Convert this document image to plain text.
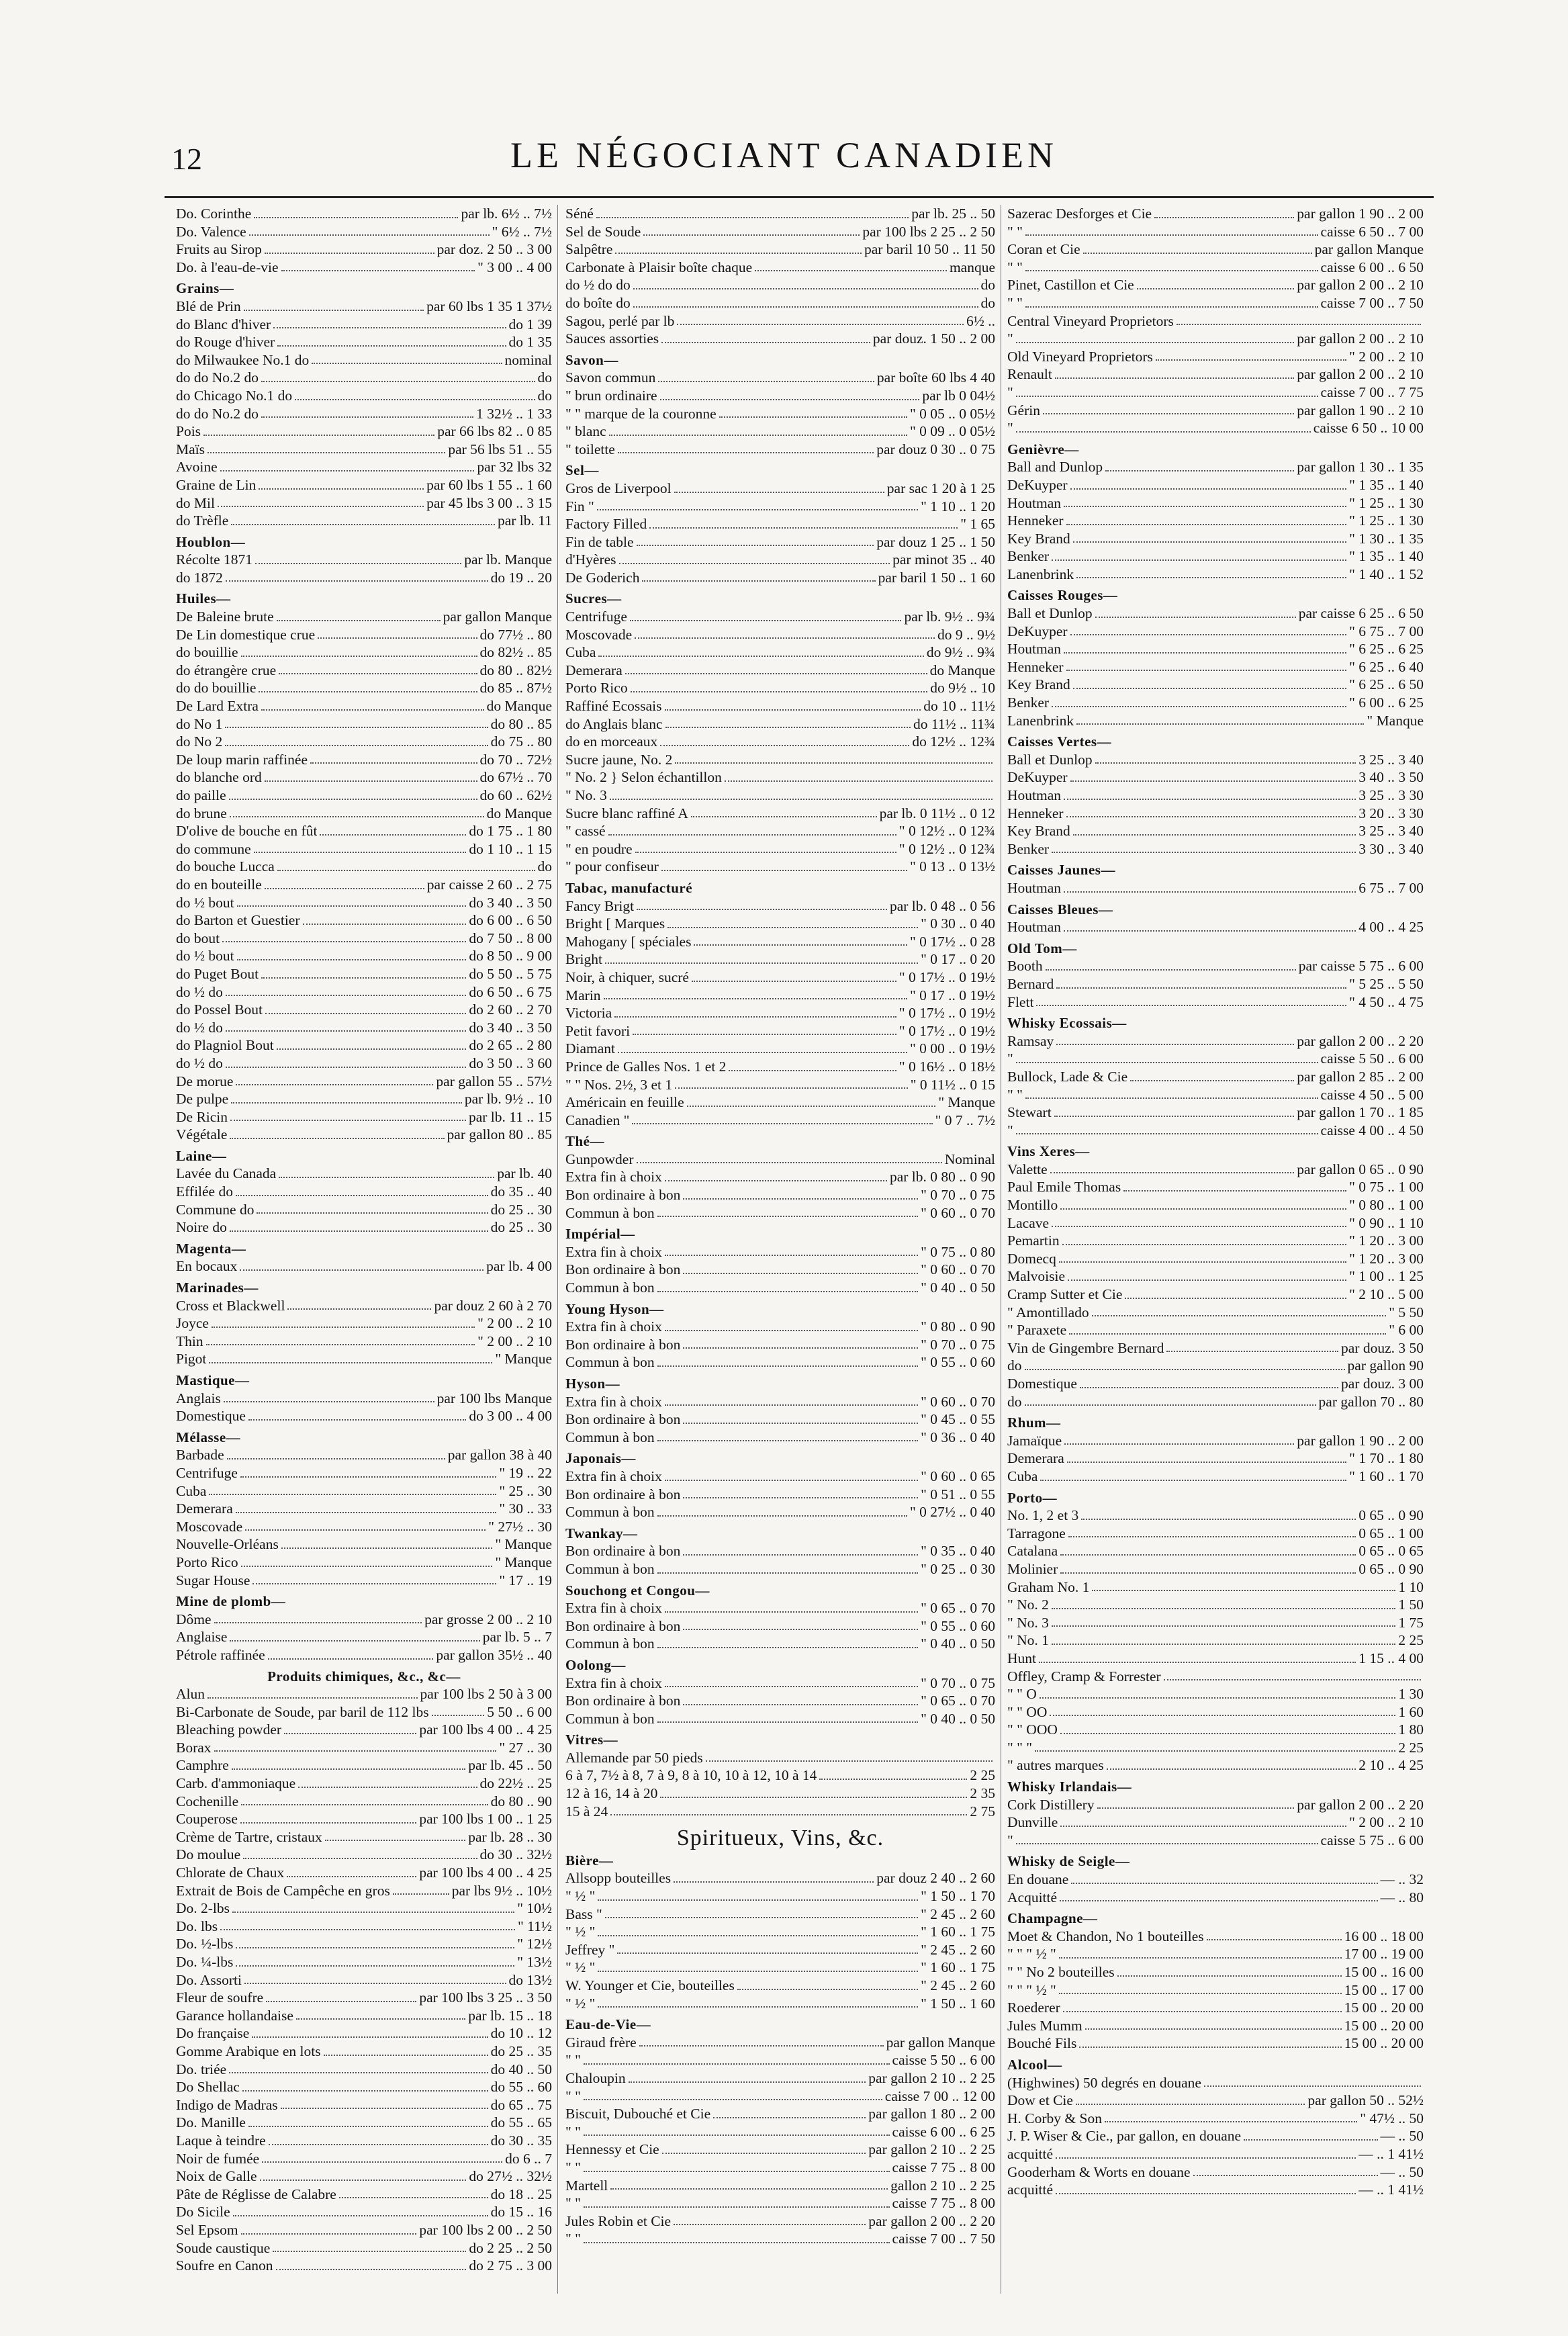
12	LE NÉGOCIANT CANADIEN
Do. Corinthe	par lb. 6½ .. 7½
Do. Valence	" 6½ .. 7½
Fruits au Sirop	par doz. 2 50 .. 3 00
Do. à l'eau-de-vie	" 3 00 .. 4 00
Grains—
Blé de Prin	par 60 lbs 1 35 1 37½
do Blanc d'hiver	do 1 39
do Rouge d'hiver	do 1 35
do Milwaukee No.1 do	nominal
do do No.2 do	do
do Chicago No.1 do	do
do do No.2 do	1 32½ .. 1 33
Pois	par 66 lbs 82 .. 0 85
Maïs	par 56 lbs 51 .. 55
Avoine	par 32 lbs 32
Graine de Lin	par 60 lbs 1 55 .. 1 60
do Mil	par 45 lbs 3 00 .. 3 15
do Trèfle	par lb. 11
Houblon—
Récolte 1871	par lb. Manque
do 1872	do 19 .. 20
Huiles—
De Baleine brute	par gallon Manque
De Lin domestique crue	do 77½ .. 80
do bouillie	do 82½ .. 85
do étrangère crue	do 80 .. 82½
do do bouillie	do 85 .. 87½
De Lard Extra	do Manque
do No 1	do 80 .. 85
do No 2	do 75 .. 80
De loup marin raffinée	do 70 .. 72½
do blanche ord	do 67½ .. 70
do paille	do 60 .. 62½
do brune	do Manque
D'olive de bouche en fût	do 1 75 .. 1 80
do commune	do 1 10 .. 1 15
do bouche Lucca	do
do en bouteille	par caisse 2 60 .. 2 75
do ½ bout	do 3 40 .. 3 50
do Barton et Guestier	do 6 00 .. 6 50
do bout	do 7 50 .. 8 00
do ½ bout	do 8 50 .. 9 00
do Puget Bout	do 5 50 .. 5 75
do ½ do	do 6 50 .. 6 75
do Possel Bout	do 2 60 .. 2 70
do ½ do	do 3 40 .. 3 50
do Plagniol Bout	do 2 65 .. 2 80
do ½ do	do 3 50 .. 3 60
De morue	par gallon 55 .. 57½
De pulpe	par lb. 9½ .. 10
De Ricin	par lb. 11 .. 15
Végétale	par gallon 80 .. 85
Laine—
Lavée du Canada	par lb. 40
Effilée do	do 35 .. 40
Commune do	do 25 .. 30
Noire do	do 25 .. 30
Magenta—
En bocaux	par lb. 4 00
Marinades—
Cross et Blackwell	par douz 2 60 à 2 70
Joyce	" 2 00 .. 2 10
Thin	" 2 00 .. 2 10
Pigot	" Manque
Mastique—
Anglais	par 100 lbs Manque
Domestique	do 3 00 .. 4 00
Mélasse—
Barbade	par gallon 38 à 40
Centrifuge	" 19 .. 22
Cuba	" 25 .. 30
Demerara	" 30 .. 33
Moscovade	" 27½ .. 30
Nouvelle-Orléans	" Manque
Porto Rico	" Manque
Sugar House	" 17 .. 19
Mine de plomb—
Dôme	par grosse 2 00 .. 2 10
Anglaise	par lb. 5 .. 7
Pétrole raffinée	par gallon 35½ .. 40
Produits chimiques, &c., &c—
Alun	par 100 lbs 2 50 à 3 00
Bi-Carbonate de Soude, par baril de 112 lbs	5 50 .. 6 00
Bleaching powder	par 100 lbs 4 00 .. 4 25
Borax	" 27 .. 30
Camphre	par lb. 45 .. 50
Carb. d'ammoniaque	do 22½ .. 25
Cochenille	do 80 .. 90
Couperose	par 100 lbs 1 00 .. 1 25
Crème de Tartre, cristaux	par lb. 28 .. 30
Do moulue	do 30 .. 32½
Chlorate de Chaux	par 100 lbs 4 00 .. 4 25
Extrait de Bois de Campêche en gros	par lbs 9½ .. 10½
Do. 2-lbs	" 10½
Do. lbs	" 11½
Do. ½-lbs	" 12½
Do. ¼-lbs	" 13½
Do. Assorti	do 13½
Fleur de soufre	par 100 lbs 3 25 .. 3 50
Garance hollandaise	par lb. 15 .. 18
Do française	do 10 .. 12
Gomme Arabique en lots	do 25 .. 35
Do. triée	do 40 .. 50
Do Shellac	do 55 .. 60
Indigo de Madras	do 65 .. 75
Do. Manille	do 55 .. 65
Laque à teindre	do 30 .. 35
Noir de fumée	do 6 .. 7
Noix de Galle	do 27½ .. 32½
Pâte de Réglisse de Calabre	do 18 .. 25
Do Sicile	do 15 .. 16
Sel Epsom	par 100 lbs 2 00 .. 2 50
Soude caustique	do 2 25 .. 2 50
Soufre en Canon	do 2 75 .. 3 00
Séné	par lb. 25 .. 50
Sel de Soude	par 100 lbs 2 25 .. 2 50
Salpêtre	par baril 10 50 .. 11 50
Carbonate à Plaisir boîte chaque	manque
do ½ do do	do
do boîte do	do
Sagou, perlé par lb	6½ ..
Sauces assorties	par douz. 1 50 .. 2 00
Savon—
Savon commun	par boîte 60 lbs 4 40
" brun ordinaire	par lb 0 04½
" " marque de la couronne	" 0 05 .. 0 05½
" blanc	" 0 09 .. 0 05½
" toilette	par douz 0 30 .. 0 75
Sel—
Gros de Liverpool	par sac 1 20 à 1 25
Fin "	" 1 10 .. 1 20
Factory Filled	" 1 65
Fin de table	par douz 1 25 .. 1 50
d'Hyères	par minot 35 .. 40
De Goderich	par baril 1 50 .. 1 60
Sucres—
Centrifuge	par lb. 9½ .. 9¾
Moscovade	do 9 .. 9½
Cuba	do 9½ .. 9¾
Demerara	do Manque
Porto Rico	do 9½ .. 10
Raffiné Ecossais	do 10 .. 11½
do Anglais blanc	do 11½ .. 11¾
do en morceaux	do 12½ .. 12¾
Sucre jaune, No. 2
" No. 2 } Selon échantillon
" No. 3
Sucre blanc raffiné A	par lb. 0 11½ .. 0 12
" cassé	" 0 12½ .. 0 12¾
" en poudre	" 0 12½ .. 0 12¾
" pour confiseur	" 0 13 .. 0 13½
Tabac, manufacturé
Fancy Brigt	par lb. 0 48 .. 0 56
Bright [ Marques	" 0 30 .. 0 40
Mahogany [ spéciales	" 0 17½ .. 0 28
Bright	" 0 17 .. 0 20
Noir, à chiquer, sucré	" 0 17½ .. 0 19½
Marin	" 0 17 .. 0 19½
Victoria	" 0 17½ .. 0 19½
Petit favori	" 0 17½ .. 0 19½
Diamant	" 0 00 .. 0 19½
Prince de Galles Nos. 1 et 2	" 0 16½ .. 0 18½
" " Nos. 2½, 3 et 1	" 0 11½ .. 0 15
Américain en feuille	" Manque
Canadien "	" 0 7 .. 7½
Thé—
Gunpowder	Nominal
Extra fin à choix	par lb. 0 80 .. 0 90
Bon ordinaire à bon	" 0 70 .. 0 75
Commun à bon	" 0 60 .. 0 70
Impérial—
Extra fin à choix	" 0 75 .. 0 80
Bon ordinaire à bon	" 0 60 .. 0 70
Commun à bon	" 0 40 .. 0 50
Young Hyson—
Extra fin à choix	" 0 80 .. 0 90
Bon ordinaire à bon	" 0 70 .. 0 75
Commun à bon	" 0 55 .. 0 60
Hyson—
Extra fin à choix	" 0 60 .. 0 70
Bon ordinaire à bon	" 0 45 .. 0 55
Commun à bon	" 0 36 .. 0 40
Japonais—
Extra fin à choix	" 0 60 .. 0 65
Bon ordinaire à bon	" 0 51 .. 0 55
Commun à bon	" 0 27½ .. 0 40
Twankay—
Bon ordinaire à bon	" 0 35 .. 0 40
Commun à bon	" 0 25 .. 0 30
Souchong et Congou—
Extra fin à choix	" 0 65 .. 0 70
Bon ordinaire à bon	" 0 55 .. 0 60
Commun à bon	" 0 40 .. 0 50
Oolong—
Extra fin à choix	" 0 70 .. 0 75
Bon ordinaire à bon	" 0 65 .. 0 70
Commun à bon	" 0 40 .. 0 50
Vitres—
Allemande par 50 pieds
6 à 7, 7½ à 8, 7 à 9, 8 à 10, 10 à 12, 10 à 14	2 25
12 à 16, 14 à 20	2 35
15 à 24	2 75
Spiritueux, Vins, &c.
Bière—
Allsopp bouteilles	par douz 2 40 .. 2 60
" ½ "	" 1 50 .. 1 70
Bass "	" 2 45 .. 2 60
" ½ "	" 1 60 .. 1 75
Jeffrey "	" 2 45 .. 2 60
" ½ "	" 1 60 .. 1 75
W. Younger et Cie, bouteilles	" 2 45 .. 2 60
" ½ "	" 1 50 .. 1 60
Eau-de-Vie—
Giraud frère	par gallon Manque
" "	caisse 5 50 .. 6 00
Chaloupin	par gallon 2 10 .. 2 25
" "	caisse 7 00 .. 12 00
Biscuit, Dubouché et Cie	par gallon 1 80 .. 2 00
" "	caisse 6 00 .. 6 25
Hennessy et Cie	par gallon 2 10 .. 2 25
" "	caisse 7 75 .. 8 00
Martell	gallon 2 10 .. 2 25
" "	caisse 7 75 .. 8 00
Jules Robin et Cie	par gallon 2 00 .. 2 20
" "	caisse 7 00 .. 7 50
Sazerac Desforges et Cie	par gallon 1 90 .. 2 00
" "	caisse 6 50 .. 7 00
Coran et Cie	par gallon Manque
" "	caisse 6 00 .. 6 50
Pinet, Castillon et Cie	par gallon 2 00 .. 2 10
" "	caisse 7 00 .. 7 50
Central Vineyard Proprietors
"	par gallon 2 00 .. 2 10
Old Vineyard Proprietors	" 2 00 .. 2 10
Renault	par gallon 2 00 .. 2 10
"	caisse 7 00 .. 7 75
Gérin	par gallon 1 90 .. 2 10
"	caisse 6 50 .. 10 00
Genièvre—
Ball and Dunlop	par gallon 1 30 .. 1 35
DeKuyper	" 1 35 .. 1 40
Houtman	" 1 25 .. 1 30
Henneker	" 1 25 .. 1 30
Key Brand	" 1 30 .. 1 35
Benker	" 1 35 .. 1 40
Lanenbrink	" 1 40 .. 1 52
Caisses Rouges—
Ball et Dunlop	par caisse 6 25 .. 6 50
DeKuyper	" 6 75 .. 7 00
Houtman	" 6 25 .. 6 25
Henneker	" 6 25 .. 6 40
Key Brand	" 6 25 .. 6 50
Benker	" 6 00 .. 6 25
Lanenbrink	" Manque
Caisses Vertes—
Ball et Dunlop	3 25 .. 3 40
DeKuyper	3 40 .. 3 50
Houtman	3 25 .. 3 30
Henneker	3 20 .. 3 30
Key Brand	3 25 .. 3 40
Benker	3 30 .. 3 40
Caisses Jaunes—
Houtman	6 75 .. 7 00
Caisses Bleues—
Houtman	4 00 .. 4 25
Old Tom—
Booth	par caisse 5 75 .. 6 00
Bernard	" 5 25 .. 5 50
Flett	" 4 50 .. 4 75
Whisky Ecossais—
Ramsay	par gallon 2 00 .. 2 20
"	caisse 5 50 .. 6 00
Bullock, Lade & Cie	par gallon 2 85 .. 2 00
" "	caisse 4 50 .. 5 00
Stewart	par gallon 1 70 .. 1 85
"	caisse 4 00 .. 4 50
Vins Xeres—
Valette	par gallon 0 65 .. 0 90
Paul Emile Thomas	" 0 75 .. 1 00
Montillo	" 0 80 .. 1 00
Lacave	" 0 90 .. 1 10
Pemartin	" 1 20 .. 3 00
Domecq	" 1 20 .. 3 00
Malvoisie	" 1 00 .. 1 25
Cramp Sutter et Cie	" 2 10 .. 5 00
" Amontillado	" 5 50
" Paraxete	" 6 00
Vin de Gingembre Bernard	par douz. 3 50
do	par gallon 90
Domestique	par douz. 3 00
do	par gallon 70 .. 80
Rhum—
Jamaïque	par gallon 1 90 .. 2 00
Demerara	" 1 70 .. 1 80
Cuba	" 1 60 .. 1 70
Porto—
No. 1, 2 et 3	0 65 .. 0 90
Tarragone	0 65 .. 1 00
Catalana	0 65 .. 0 65
Molinier	0 65 .. 0 90
Graham No. 1	1 10
" No. 2	1 50
" No. 3	1 75
" No. 1	2 25
Hunt	1 15 .. 4 00
Offley, Cramp & Forrester
" " O	1 30
" " OO	1 60
" " OOO	1 80
" " "	2 25
" autres marques	2 10 .. 4 25
Whisky Irlandais—
Cork Distillery	par gallon 2 00 .. 2 20
Dunville	" 2 00 .. 2 10
"	caisse 5 75 .. 6 00
Whisky de Seigle—
En douane	— .. 32
Acquitté	— .. 80
Champagne—
Moet & Chandon, No 1 bouteilles	16 00 .. 18 00
" " " ½ "	17 00 .. 19 00
" " No 2 bouteilles	15 00 .. 16 00
" " " ½ "	15 00 .. 17 00
Roederer	15 00 .. 20 00
Jules Mumm	15 00 .. 20 00
Bouché Fils	15 00 .. 20 00
Alcool—
(Highwines) 50 degrés en douane
Dow et Cie	par gallon 50 .. 52½
H. Corby & Son	" 47½ .. 50
J. P. Wiser & Cie., par gallon, en douane	— .. 50
acquitté	— .. 1 41½
Gooderham & Worts en douane	— .. 50
acquitté	— .. 1 41½
